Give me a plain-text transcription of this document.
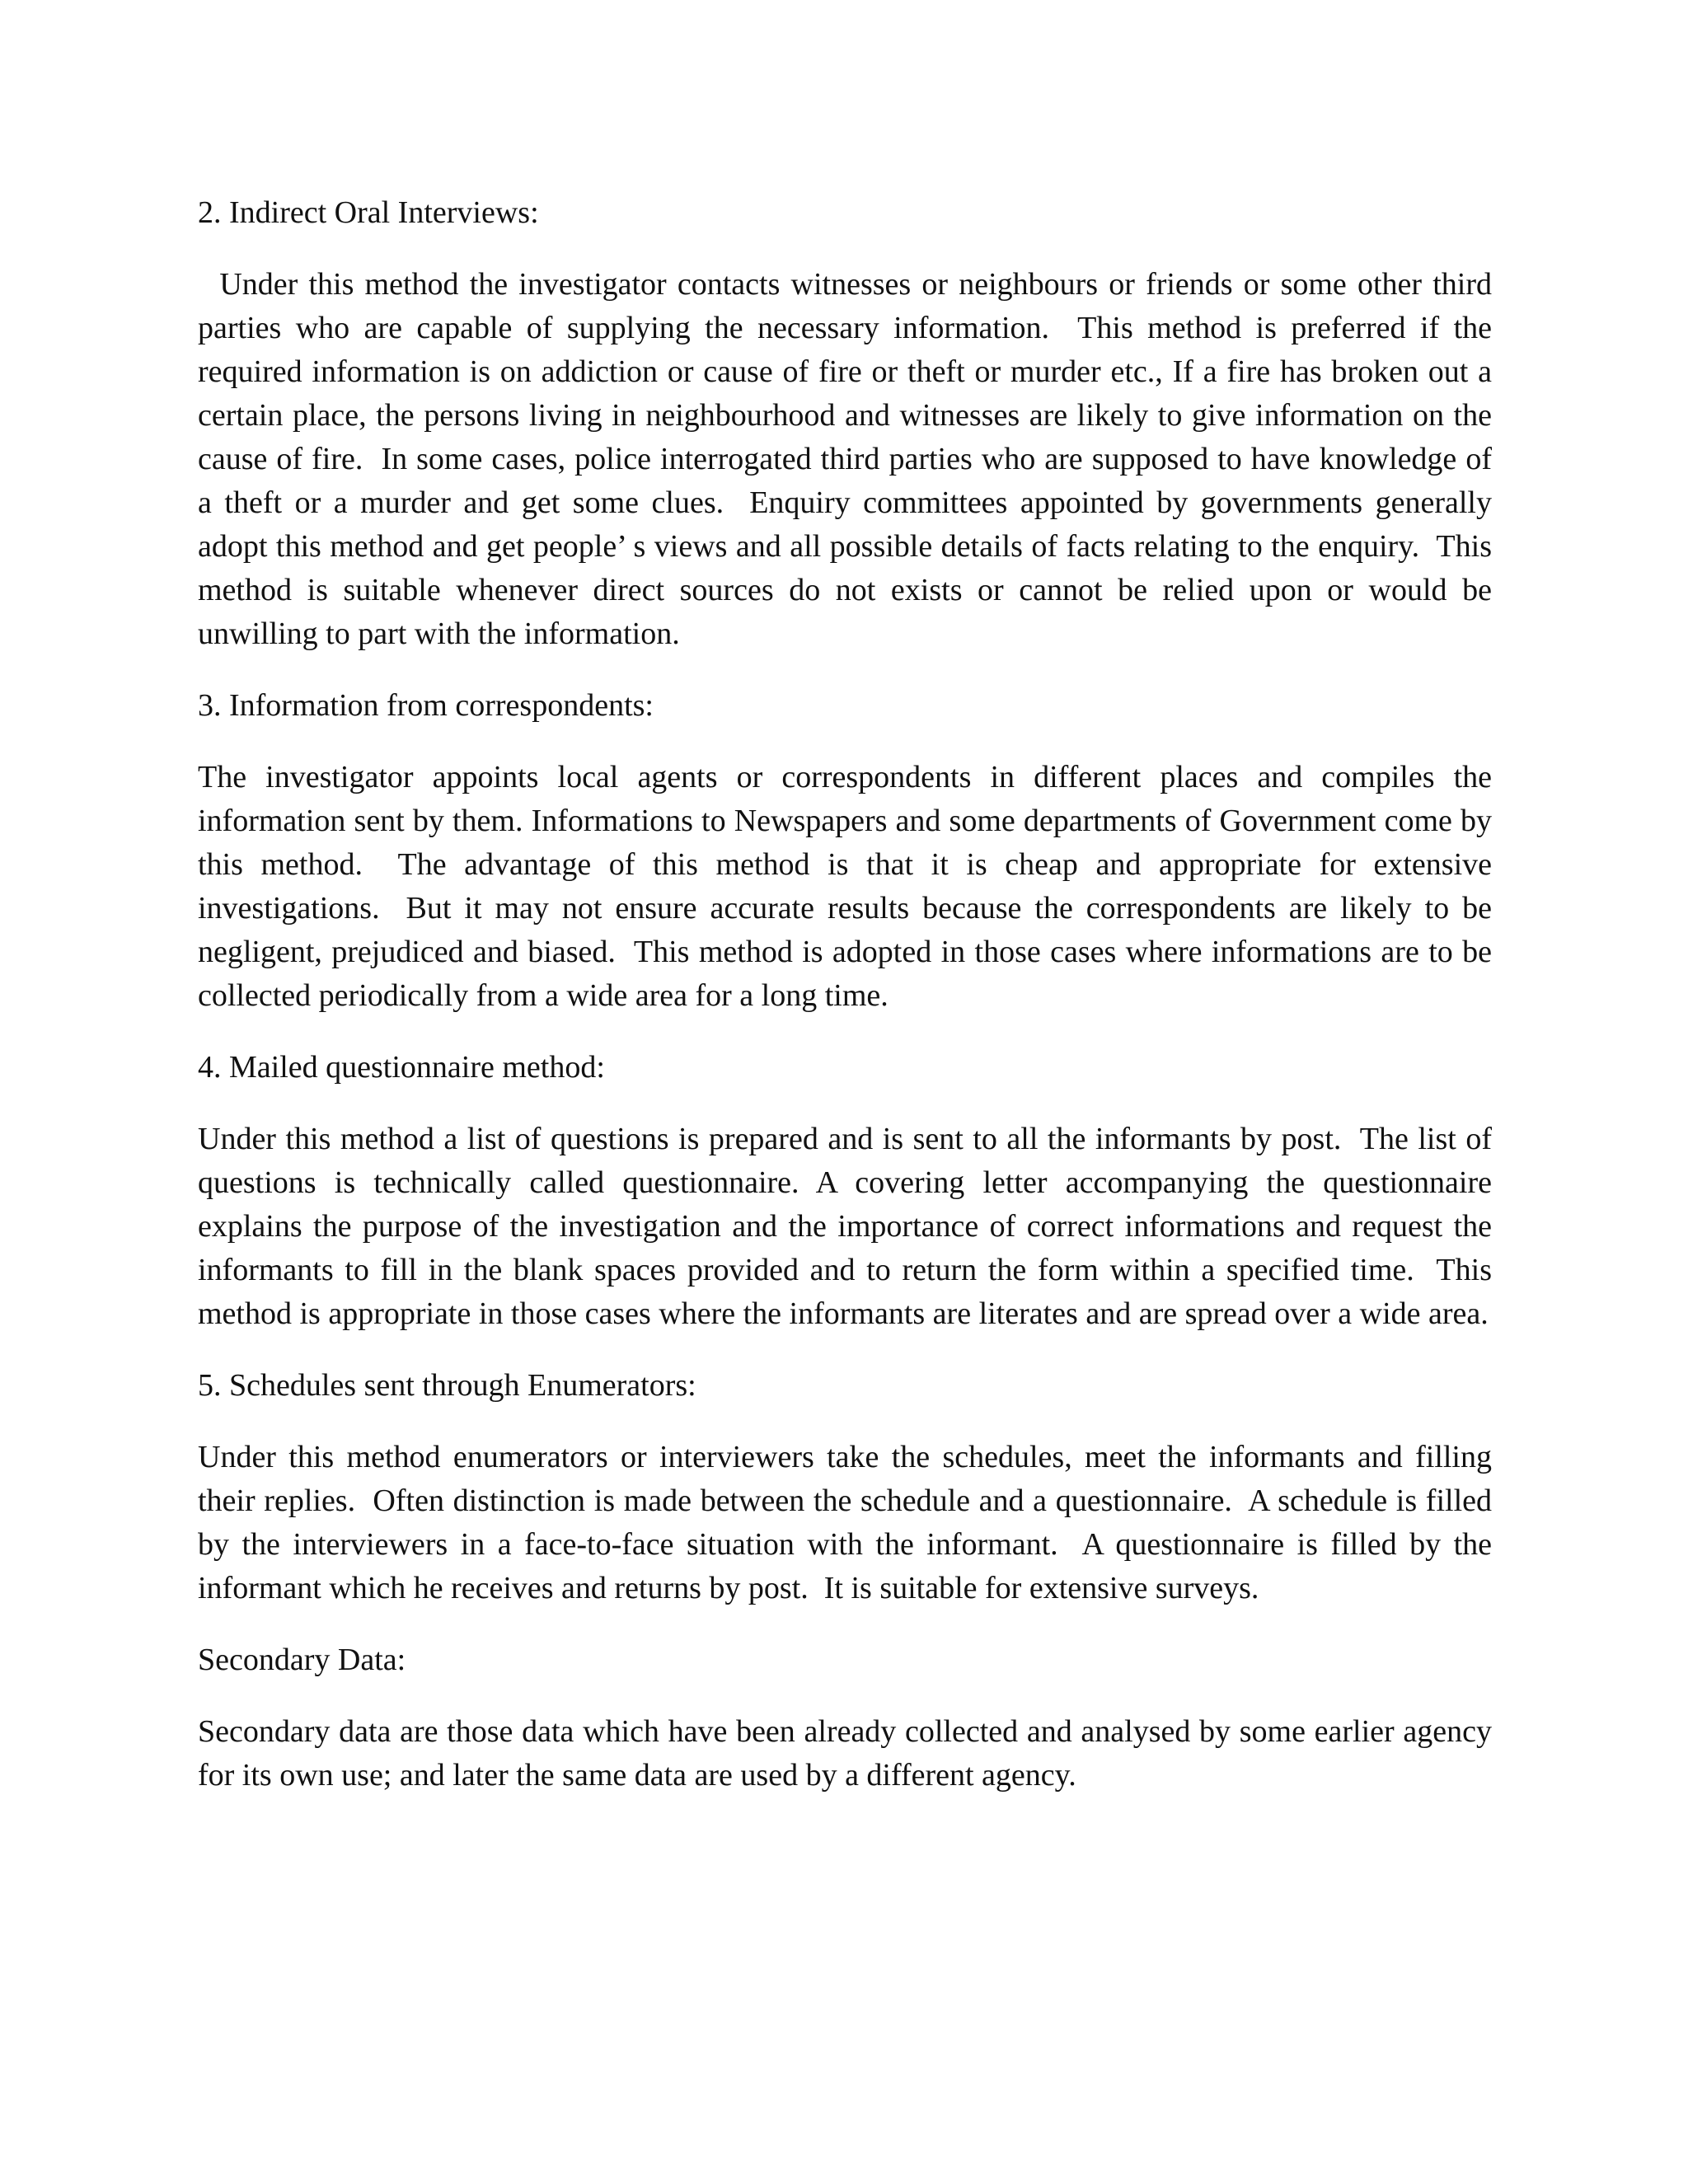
2. Indirect Oral Interviews:

Under this method the investigator contacts witnesses or neighbours or friends or some other third parties who are capable of supplying the necessary information.  This method is preferred if the required information is on addiction or cause of fire or theft or murder etc., If a fire has broken out a certain place, the persons living in neighbourhood and witnesses are likely to give information on the cause of fire.  In some cases, police interrogated third parties who are supposed to have knowledge of a theft or a murder and get some clues.  Enquiry committees appointed by governments generally adopt this method and get people’ s views and all possible details of facts relating to the enquiry.  This method is suitable whenever direct sources do not exists or cannot be relied upon or would be unwilling to part with the information.

3. Information from correspondents:

The investigator appoints local agents or correspondents in different places and compiles the information sent by them. Informations to Newspapers and some departments of Government come by this method.  The advantage of this method is that it is cheap and appropriate for extensive investigations.  But it may not ensure accurate results because the correspondents are likely to be negligent, prejudiced and biased.  This method is adopted in those cases where informations are to be collected periodically from a wide area for a long time.

4. Mailed questionnaire method:

Under this method a list of questions is prepared and is sent to all the informants by post.  The list of questions is technically called questionnaire. A covering letter accompanying the questionnaire explains the purpose of the investigation and the importance of correct informations and request the informants to fill in the blank spaces provided and to return the form within a specified time.  This method is appropriate in those cases where the informants are literates and are spread over a wide area.

5. Schedules sent through Enumerators:

Under this method enumerators or interviewers take the schedules, meet the informants and filling their replies.  Often distinction is made between the schedule and a questionnaire.  A schedule is filled by the interviewers in a face-to-face situation with the informant.  A questionnaire is filled by the informant which he receives and returns by post.  It is suitable for extensive surveys.

Secondary Data:

Secondary data are those data which have been already collected and analysed by some earlier agency for its own use; and later the same data are used by a different agency.
